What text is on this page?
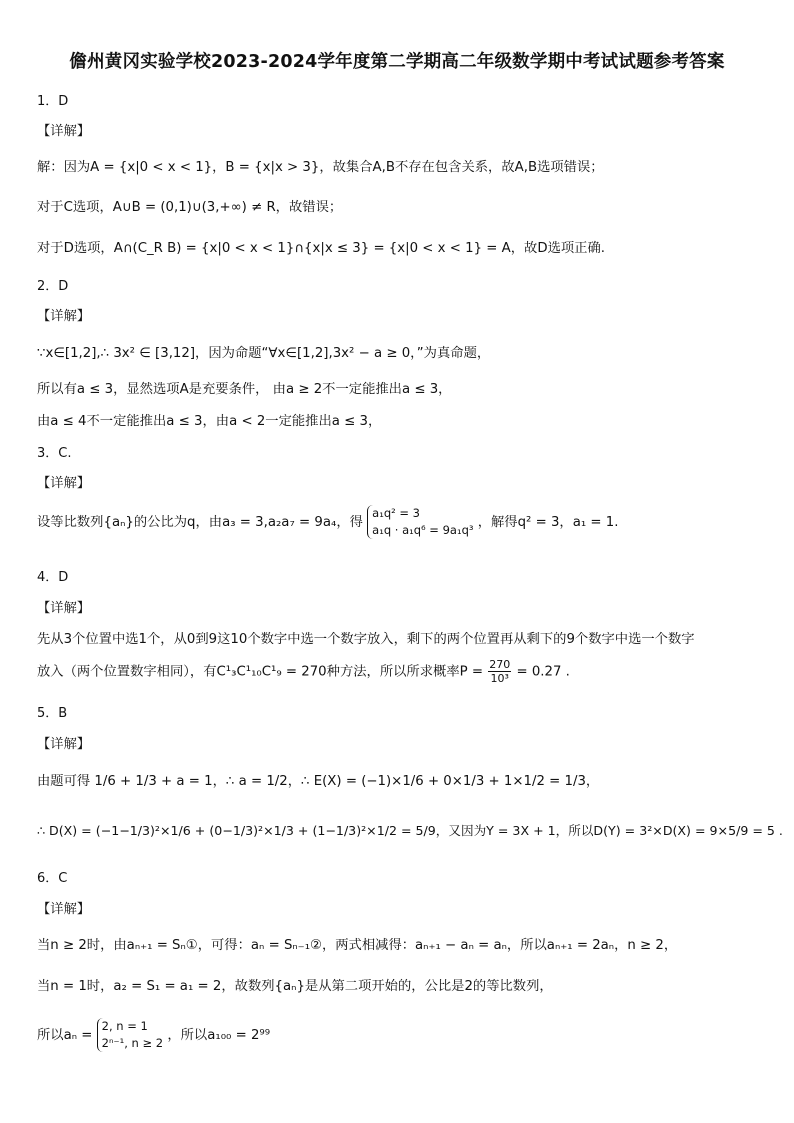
儋州黄冈实验学校2023-2024学年度第二学期高二年级数学期中考试试题参考答案
1．D
【详解】
解：因为A = {x|0 < x < 1}，B = {x|x > 3}，故集合A,B不存在包含关系，故A,B选项错误；
对于C选项，A∪B = (0,1)∪(3,+∞) ≠ R，故错误；
对于D选项，A∩(C_R B) = {x|0 < x < 1}∩{x|x ≤ 3} = {x|0 < x < 1} = A，故D选项正确.
2．D
【详解】
∵x∈[1,2],∴ 3x² ∈ [3,12]，因为命题“∀x∈[1,2],3x² − a ≥ 0，”为真命题，
所以有a ≤ 3，显然选项A是充要条件， 由a ≥ 2不一定能推出a ≤ 3，
由a ≤ 4不一定能推出a ≤ 3，由a < 2一定能推出a ≤ 3，
3．C.
【详解】
设等比数列{aₙ}的公比为q，由a₃ = 3,a₂a₇ = 9a₄，得
a₁q² = 3
a₁q · a₁q⁶ = 9a₁q³ ，解得q² = 3，a₁ = 1.
4．D
【详解】
先从3个位置中选1个，从0到9这10个数字中选一个数字放入，剩下的两个位置再从剩下的9个数字中选一个数字
放入（两个位置数字相同），有C¹₃C¹₁₀C¹₉ = 270种方法，所以所求概率$P = \frac{270}{\text{10³}} = 0.27$ .
5．B
【详解】
由题可得 1/6 + 1/3 + a = 1，∴ a = 1/2，∴ E(X) = (−1)×1/6 + 0×1/3 + 1×1/2 = 1/3，
∴ D(X) = (−1−1/3)²×1/6 + (0−1/3)²×1/3 + (1−1/3)²×1/2 = 5/9，又因为Y = 3X + 1，所以D(Y) = 3²×D(X) = 9×5/9 = 5 .
6．C
【详解】
当n ≥ 2时，由aₙ₊₁ = Sₙ①，可得：aₙ = Sₙ₋₁②，两式相减得：aₙ₊₁ − aₙ = aₙ，所以aₙ₊₁ = 2aₙ，n ≥ 2，
当n = 1时，a₂ = S₁ = a₁ = 2，故数列{aₙ}是从第二项开始的，公比是2的等比数列，
所以aₙ =
2, n = 1
2ⁿ⁻¹, n ≥ 2 ，所以a₁₀₀ = 2⁹⁹
